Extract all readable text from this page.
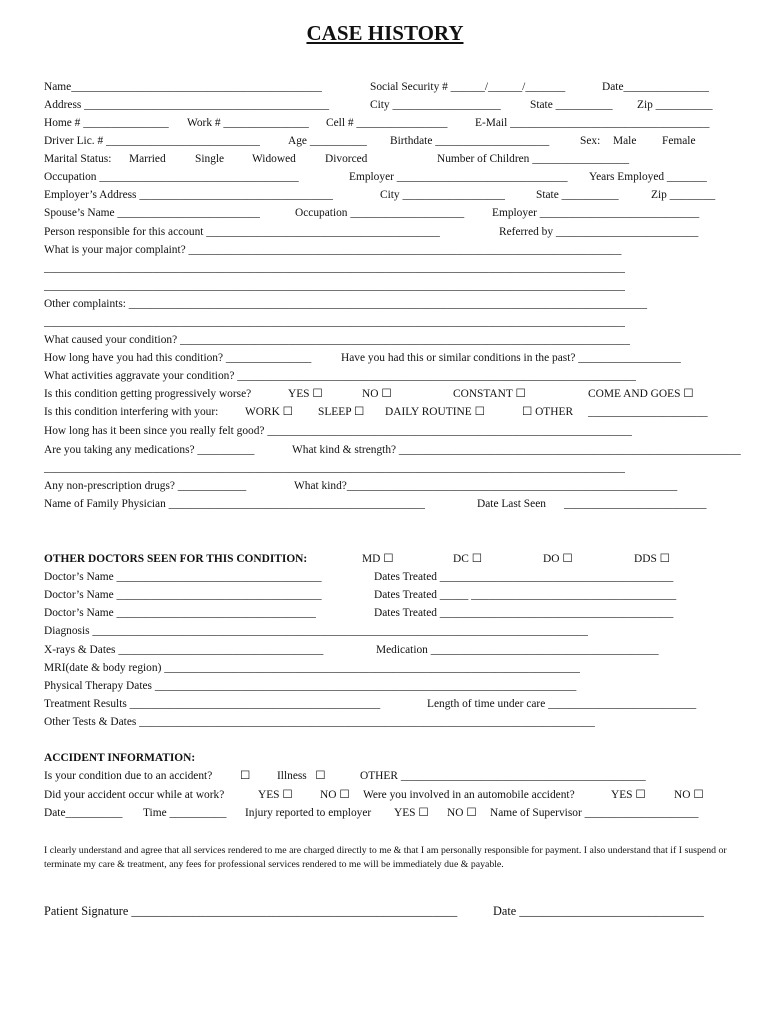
CASE HISTORY
Name____________________________________________	Social Security # ______/______/_______	Date_______________
Address ___________________________________________	City ___________________	State __________ Zip __________
Home # _______________ Work # _______________ Cell # ________________ E-Mail ___________________________________
Driver Lic. # ___________________________ Age __________ Birthdate ____________________	Sex: Male Female
Marital Status: Married	Single Widowed	Divorced	Number of Children _________________
Occupation ___________________________________	Employer ______________________________ Years Employed _______
Employer’s Address __________________________________	City __________________	State __________	Zip ________
Spouse’s Name _________________________	Occupation ____________________ Employer ____________________________
Person responsible for this account _________________________________________	Referred by _________________________
What is your major complaint? ____________________________________________________________________________
______________________________________________________________________________________________________
______________________________________________________________________________________________________
Other complaints: ___________________________________________________________________________________________
______________________________________________________________________________________________________
What caused your condition? _______________________________________________________________________________
How long have you had this condition? _______________	Have you had this or similar conditions in the past? __________________
What activities aggravate your condition? ______________________________________________________________________
Is this condition getting progressively worse?	YES ☐	NO ☐	CONSTANT ☐	COME AND GOES ☐
Is this condition interfering with your: WORK ☐ SLEEP ☐ DAILY ROUTINE ☐	☐ OTHER _____________________
How long has it been since you really felt good? ________________________________________________________________
Are you taking any medications? __________	What kind & strength? ____________________________________________________________
______________________________________________________________________________________________________
Any non-prescription drugs? ____________	What kind?__________________________________________________________
Name of Family Physician _____________________________________________	Date Last Seen _________________________
OTHER DOCTORS SEEN FOR THIS CONDITION:	MD ☐	DC ☐	DO ☐	DDS ☐
Doctor’s Name ____________________________________	Dates Treated _________________________________________
Doctor’s Name ____________________________________	Dates Treated _____ ____________________________________
Doctor’s Name ___________________________________	Dates Treated _________________________________________
Diagnosis _______________________________________________________________________________________
X-rays & Dates ____________________________________	Medication ________________________________________
MRI(date & body region) _________________________________________________________________________
Physical Therapy Dates __________________________________________________________________________
Treatment Results ____________________________________________	Length of time under care __________________________
Other Tests & Dates ________________________________________________________________________________
ACCIDENT INFORMATION:
Is your condition due to an accident? ☐ Illness ☐	OTHER ___________________________________________
Did your accident occur while at work?	YES ☐ NO ☐ Were you involved in an automobile accident?	YES ☐ NO ☐
Date__________ Time __________ Injury reported to employer YES ☐ NO ☐ Name of Supervisor ____________________
I clearly understand and agree that all services rendered to me are charged directly to me & that I am personally responsible for payment. I also understand that if I suspend or terminate my care & treatment, any fees for professional services rendered to me will be immediately due & payable.
Patient Signature _____________________________________________________	Date ______________________________
